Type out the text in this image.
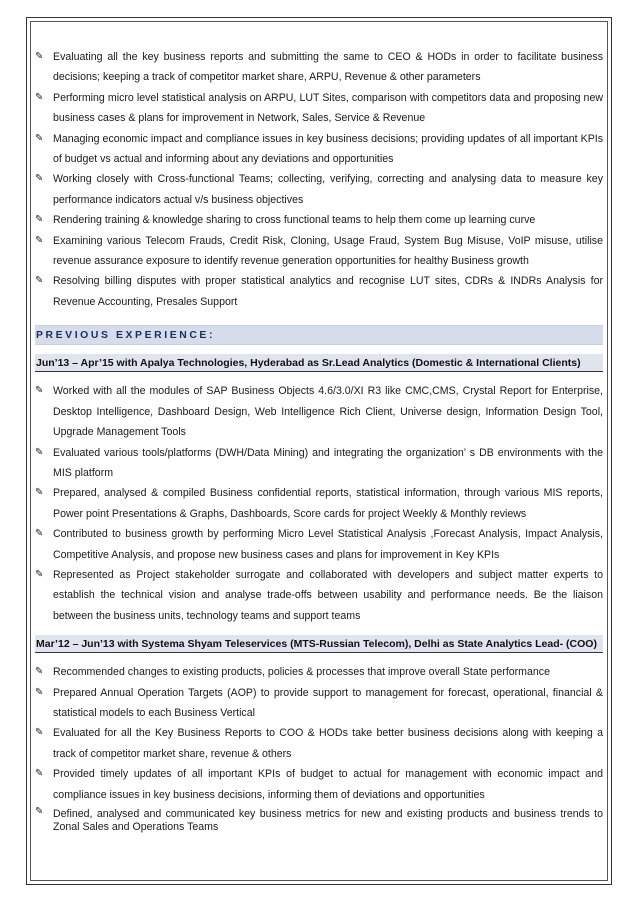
✎ Evaluating all the key business reports and submitting the same to CEO & HODs in order to facilitate business decisions; keeping a track of competitor market share, ARPU, Revenue & other parameters
✎ Performing micro level statistical analysis on ARPU, LUT Sites, comparison with competitors data and proposing new business cases & plans for improvement in Network, Sales, Service & Revenue
✎ Managing economic impact and compliance issues in key business decisions; providing updates of all important KPIs of budget vs actual and informing about any deviations and opportunities
✎ Working closely with Cross-functional Teams; collecting, verifying, correcting and analysing data to measure key performance indicators actual v/s business objectives
✎ Rendering training & knowledge sharing to cross functional teams to help them come up learning curve
✎ Examining various Telecom Frauds, Credit Risk, Cloning, Usage Fraud, System Bug Misuse, VoIP misuse, utilise revenue assurance exposure to identify revenue generation opportunities for healthy Business growth
✎ Resolving billing disputes with proper statistical analytics and recognise LUT sites, CDRs & INDRs Analysis for Revenue Accounting, Presales Support
PREVIOUS EXPERIENCE:
Jun’13 – Apr’15 with Apalya Technologies, Hyderabad as Sr.Lead Analytics (Domestic & International Clients)
✎ Worked with all the modules of SAP Business Objects 4.6/3.0/XI R3 like CMC,CMS, Crystal Report for Enterprise, Desktop Intelligence, Dashboard Design, Web Intelligence Rich Client, Universe design, Information Design Tool, Upgrade Management Tools
✎ Evaluated various tools/platforms (DWH/Data Mining) and integrating the organization’ s DB environments with the MIS platform
✎ Prepared, analysed & compiled Business confidential reports, statistical information, through various MIS reports, Power point Presentations & Graphs, Dashboards, Score cards for project Weekly & Monthly reviews
✎ Contributed to business growth by performing Micro Level Statistical Analysis ,Forecast Analysis, Impact Analysis, Competitive Analysis, and propose new business cases and plans for improvement in Key KPIs
✎ Represented as Project stakeholder surrogate and collaborated with developers and subject matter experts to establish the technical vision and analyse trade-offs between usability and performance needs. Be the liaison between the business units, technology teams and support teams
Mar’12 – Jun’13 with Systema Shyam Teleservices (MTS-Russian Telecom), Delhi as State Analytics Lead- (COO)
✎ Recommended changes to existing products, policies & processes that improve overall State performance
✎ Prepared Annual Operation Targets (AOP) to provide support to management for forecast, operational, financial & statistical models to each Business Vertical
✎ Evaluated for all the Key Business Reports to COO & HODs take better business decisions along with keeping a track of competitor market share, revenue & others
✎ Provided timely updates of all important KPIs of budget to actual for management with economic impact and compliance issues in key business decisions, informing them of deviations and opportunities
✎ Defined, analysed and communicated key business metrics for new and existing products and business trends to Zonal Sales and Operations Teams
